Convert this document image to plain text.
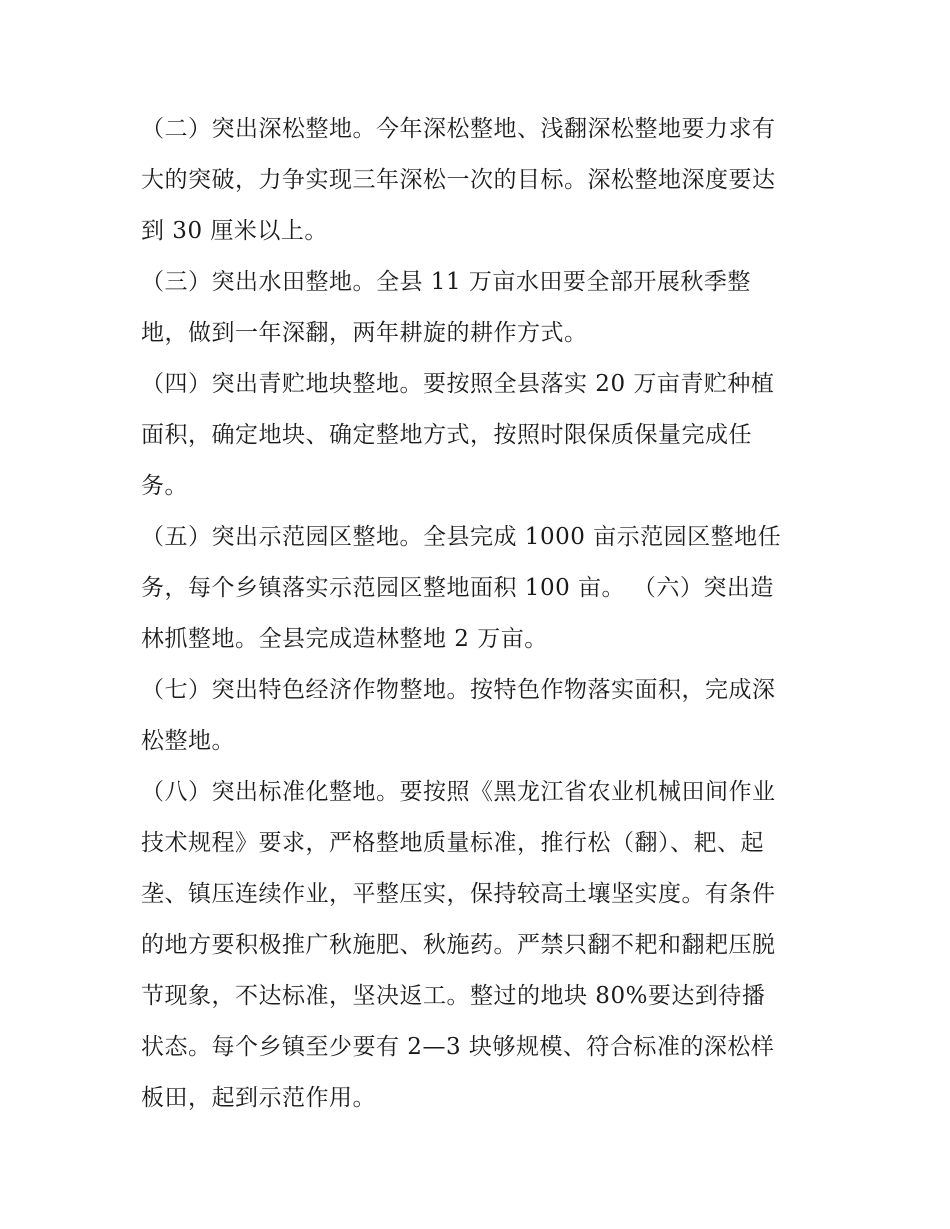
（二）突出深松整地。今年深松整地、浅翻深松整地要力求有
大的突破，力争实现三年深松一次的目标。深松整地深度要达
到 30 厘米以上。
（三）突出水田整地。全县 11 万亩水田要全部开展秋季整
地，做到一年深翻，两年耕旋的耕作方式。
（四）突出青贮地块整地。要按照全县落实 20 万亩青贮种植
面积，确定地块、确定整地方式，按照时限保质保量完成任
务。
（五）突出示范园区整地。全县完成 1000 亩示范园区整地任
务，每个乡镇落实示范园区整地面积 100 亩。 （六）突出造
林抓整地。全县完成造林整地 2 万亩。
（七）突出特色经济作物整地。按特色作物落实面积，完成深
松整地。
（八）突出标准化整地。要按照《黑龙江省农业机械田间作业
技术规程》要求，严格整地质量标准，推行松（翻）、耙、起
垄、镇压连续作业，平整压实，保持较高土壤坚实度。有条件
的地方要积极推广秋施肥、秋施药。严禁只翻不耙和翻耙压脱
节现象，不达标准，坚决返工。整过的地块 80%要达到待播
状态。每个乡镇至少要有 2—3 块够规模、符合标准的深松样
板田，起到示范作用。
